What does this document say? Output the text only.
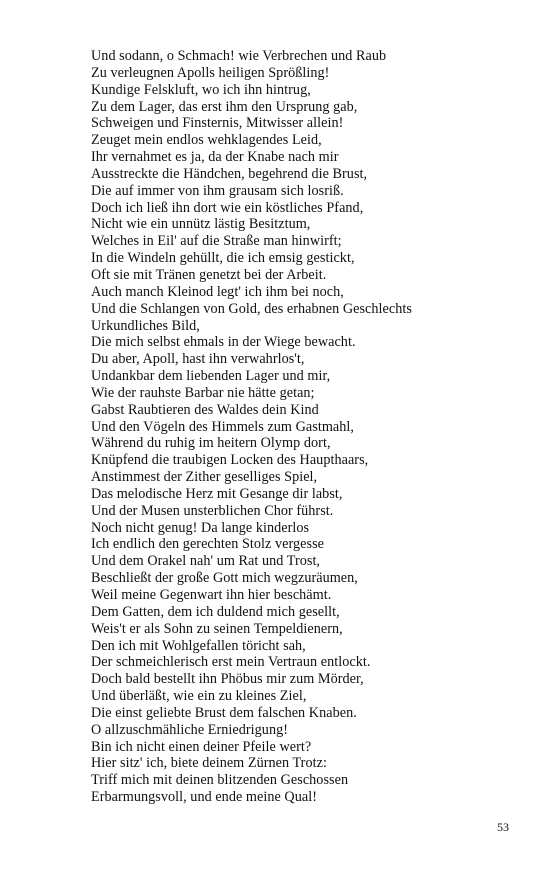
Und sodann, o Schmach! wie Verbrechen und Raub
Zu verleugnen Apolls heiligen Sprößling!
Kundige Felskluft, wo ich ihn hintrug,
Zu dem Lager, das erst ihm den Ursprung gab,
Schweigen und Finsternis, Mitwisser allein!
Zeuget mein endlos wehklagendes Leid,
Ihr vernahmet es ja, da der Knabe nach mir
Ausstreckte die Händchen, begehrend die Brust,
Die auf immer von ihm grausam sich losriß.
Doch ich ließ ihn dort wie ein köstliches Pfand,
Nicht wie ein unnütz lästig Besitztum,
Welches in Eil' auf die Straße man hinwirft;
In die Windeln gehüllt, die ich emsig gestickt,
Oft sie mit Tränen genetzt bei der Arbeit.
Auch manch Kleinod legt' ich ihm bei noch,
Und die Schlangen von Gold, des erhabnen Geschlechts
Urkundliches Bild,
Die mich selbst ehmals in der Wiege bewacht.
Du aber, Apoll, hast ihn verwahrlos't,
Undankbar dem liebenden Lager und mir,
Wie der rauhste Barbar nie hätte getan;
Gabst Raubtieren des Waldes dein Kind
Und den Vögeln des Himmels zum Gastmahl,
Während du ruhig im heitern Olymp dort,
Knüpfend die traubigen Locken des Haupthaars,
Anstimmest der Zither geselliges Spiel,
Das melodische Herz mit Gesange dir labst,
Und der Musen unsterblichen Chor führst.
Noch nicht genug! Da lange kinderlos
Ich endlich den gerechten Stolz vergesse
Und dem Orakel nah' um Rat und Trost,
Beschließt der große Gott mich wegzuräumen,
Weil meine Gegenwart ihn hier beschämt.
Dem Gatten, dem ich duldend mich gesellt,
Weis't er als Sohn zu seinen Tempeldienern,
Den ich mit Wohlgefallen töricht sah,
Der schmeichlerisch erst mein Vertraun entlockt.
Doch bald bestellt ihn Phöbus mir zum Mörder,
Und überläßt, wie ein zu kleines Ziel,
Die einst geliebte Brust dem falschen Knaben.
O allzuschmähliche Erniedrigung!
Bin ich nicht einen deiner Pfeile wert?
Hier sitz' ich, biete deinem Zürnen Trotz:
Triff mich mit deinen blitzenden Geschossen
Erbarmungsvoll, und ende meine Qual!
53
